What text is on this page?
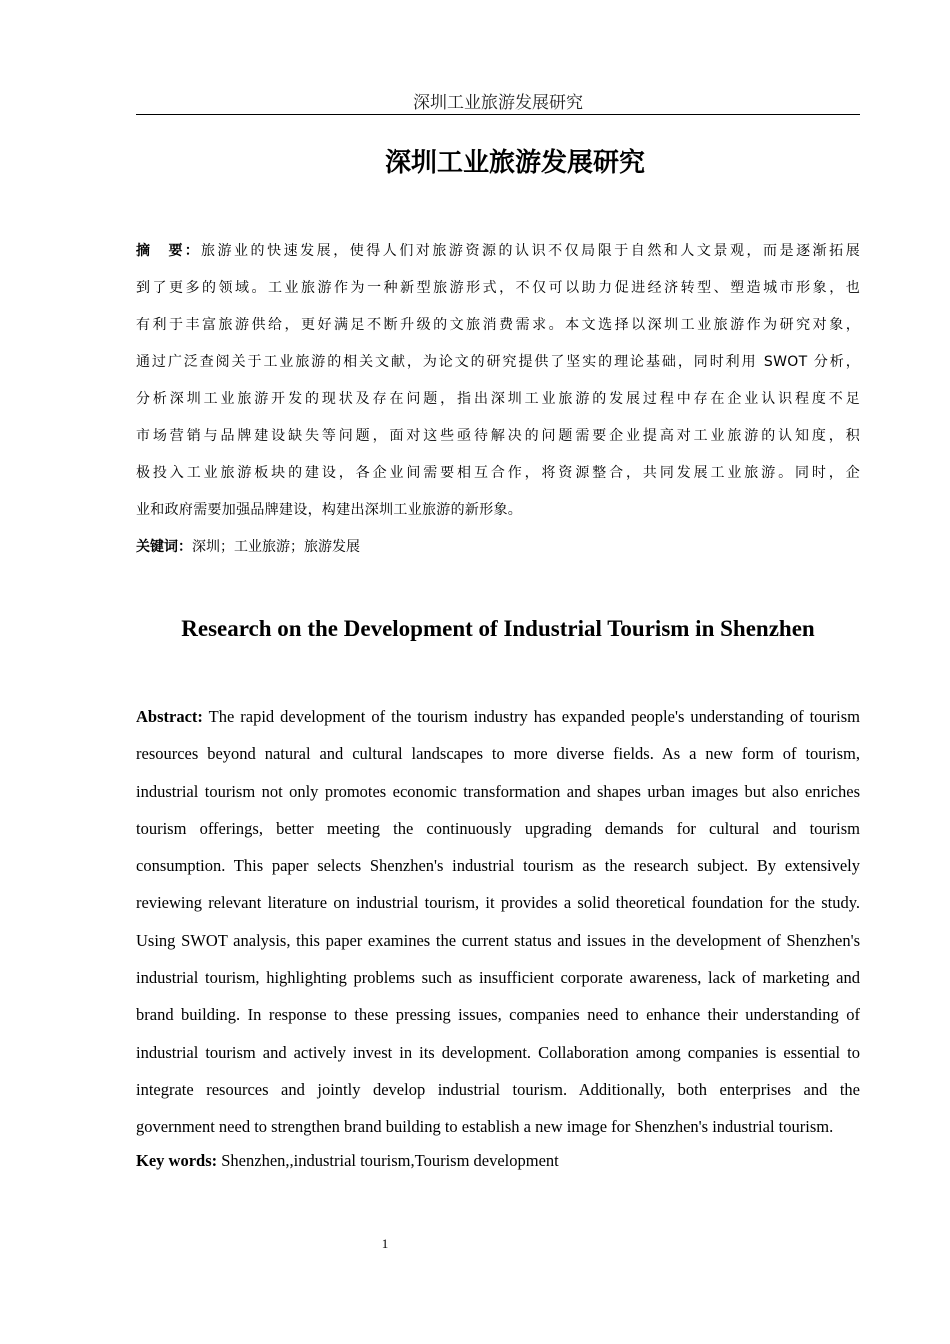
深圳工业旅游发展研究
深圳工业旅游发展研究
摘　要：旅游业的快速发展，使得人们对旅游资源的认识不仅局限于自然和人文景观，而是逐渐拓展
到了更多的领域。工业旅游作为一种新型旅游形式，不仅可以助力促进经济转型、塑造城市形象，也
有利于丰富旅游供给，更好满足不断升级的文旅消费需求。本文选择以深圳工业旅游作为研究对象，
通过广泛查阅关于工业旅游的相关文献，为论文的研究提供了坚实的理论基础，同时利用 SWOT 分析，
分析深圳工业旅游开发的现状及存在问题，指出深圳工业旅游的发展过程中存在企业认识程度不足
市场营销与品牌建设缺失等问题，面对这些亟待解决的问题需要企业提高对工业旅游的认知度，积
极投入工业旅游板块的建设，各企业间需要相互合作，将资源整合，共同发展工业旅游。同时，企
业和政府需要加强品牌建设，构建出深圳工业旅游的新形象。
关键词：深圳；工业旅游；旅游发展
Research on the Development of Industrial Tourism in Shenzhen
Abstract: The rapid development of the tourism industry has expanded people's understanding of tourism
resources beyond natural and cultural landscapes to more diverse fields. As a new form of tourism,
industrial tourism not only promotes economic transformation and shapes urban images but also enriches
tourism offerings, better meeting the continuously upgrading demands for cultural and tourism
consumption. This paper selects Shenzhen's industrial tourism as the research subject. By extensively
reviewing relevant literature on industrial tourism, it provides a solid theoretical foundation for the study.
Using SWOT analysis, this paper examines the current status and issues in the development of Shenzhen's
industrial tourism, highlighting problems such as insufficient corporate awareness, lack of marketing and
brand building. In response to these pressing issues, companies need to enhance their understanding of
industrial tourism and actively invest in its development. Collaboration among companies is essential to
integrate resources and jointly develop industrial tourism. Additionally, both enterprises and the
government need to strengthen brand building to establish a new image for Shenzhen's industrial tourism.
Key words: Shenzhen,,industrial tourism,Tourism development
1
